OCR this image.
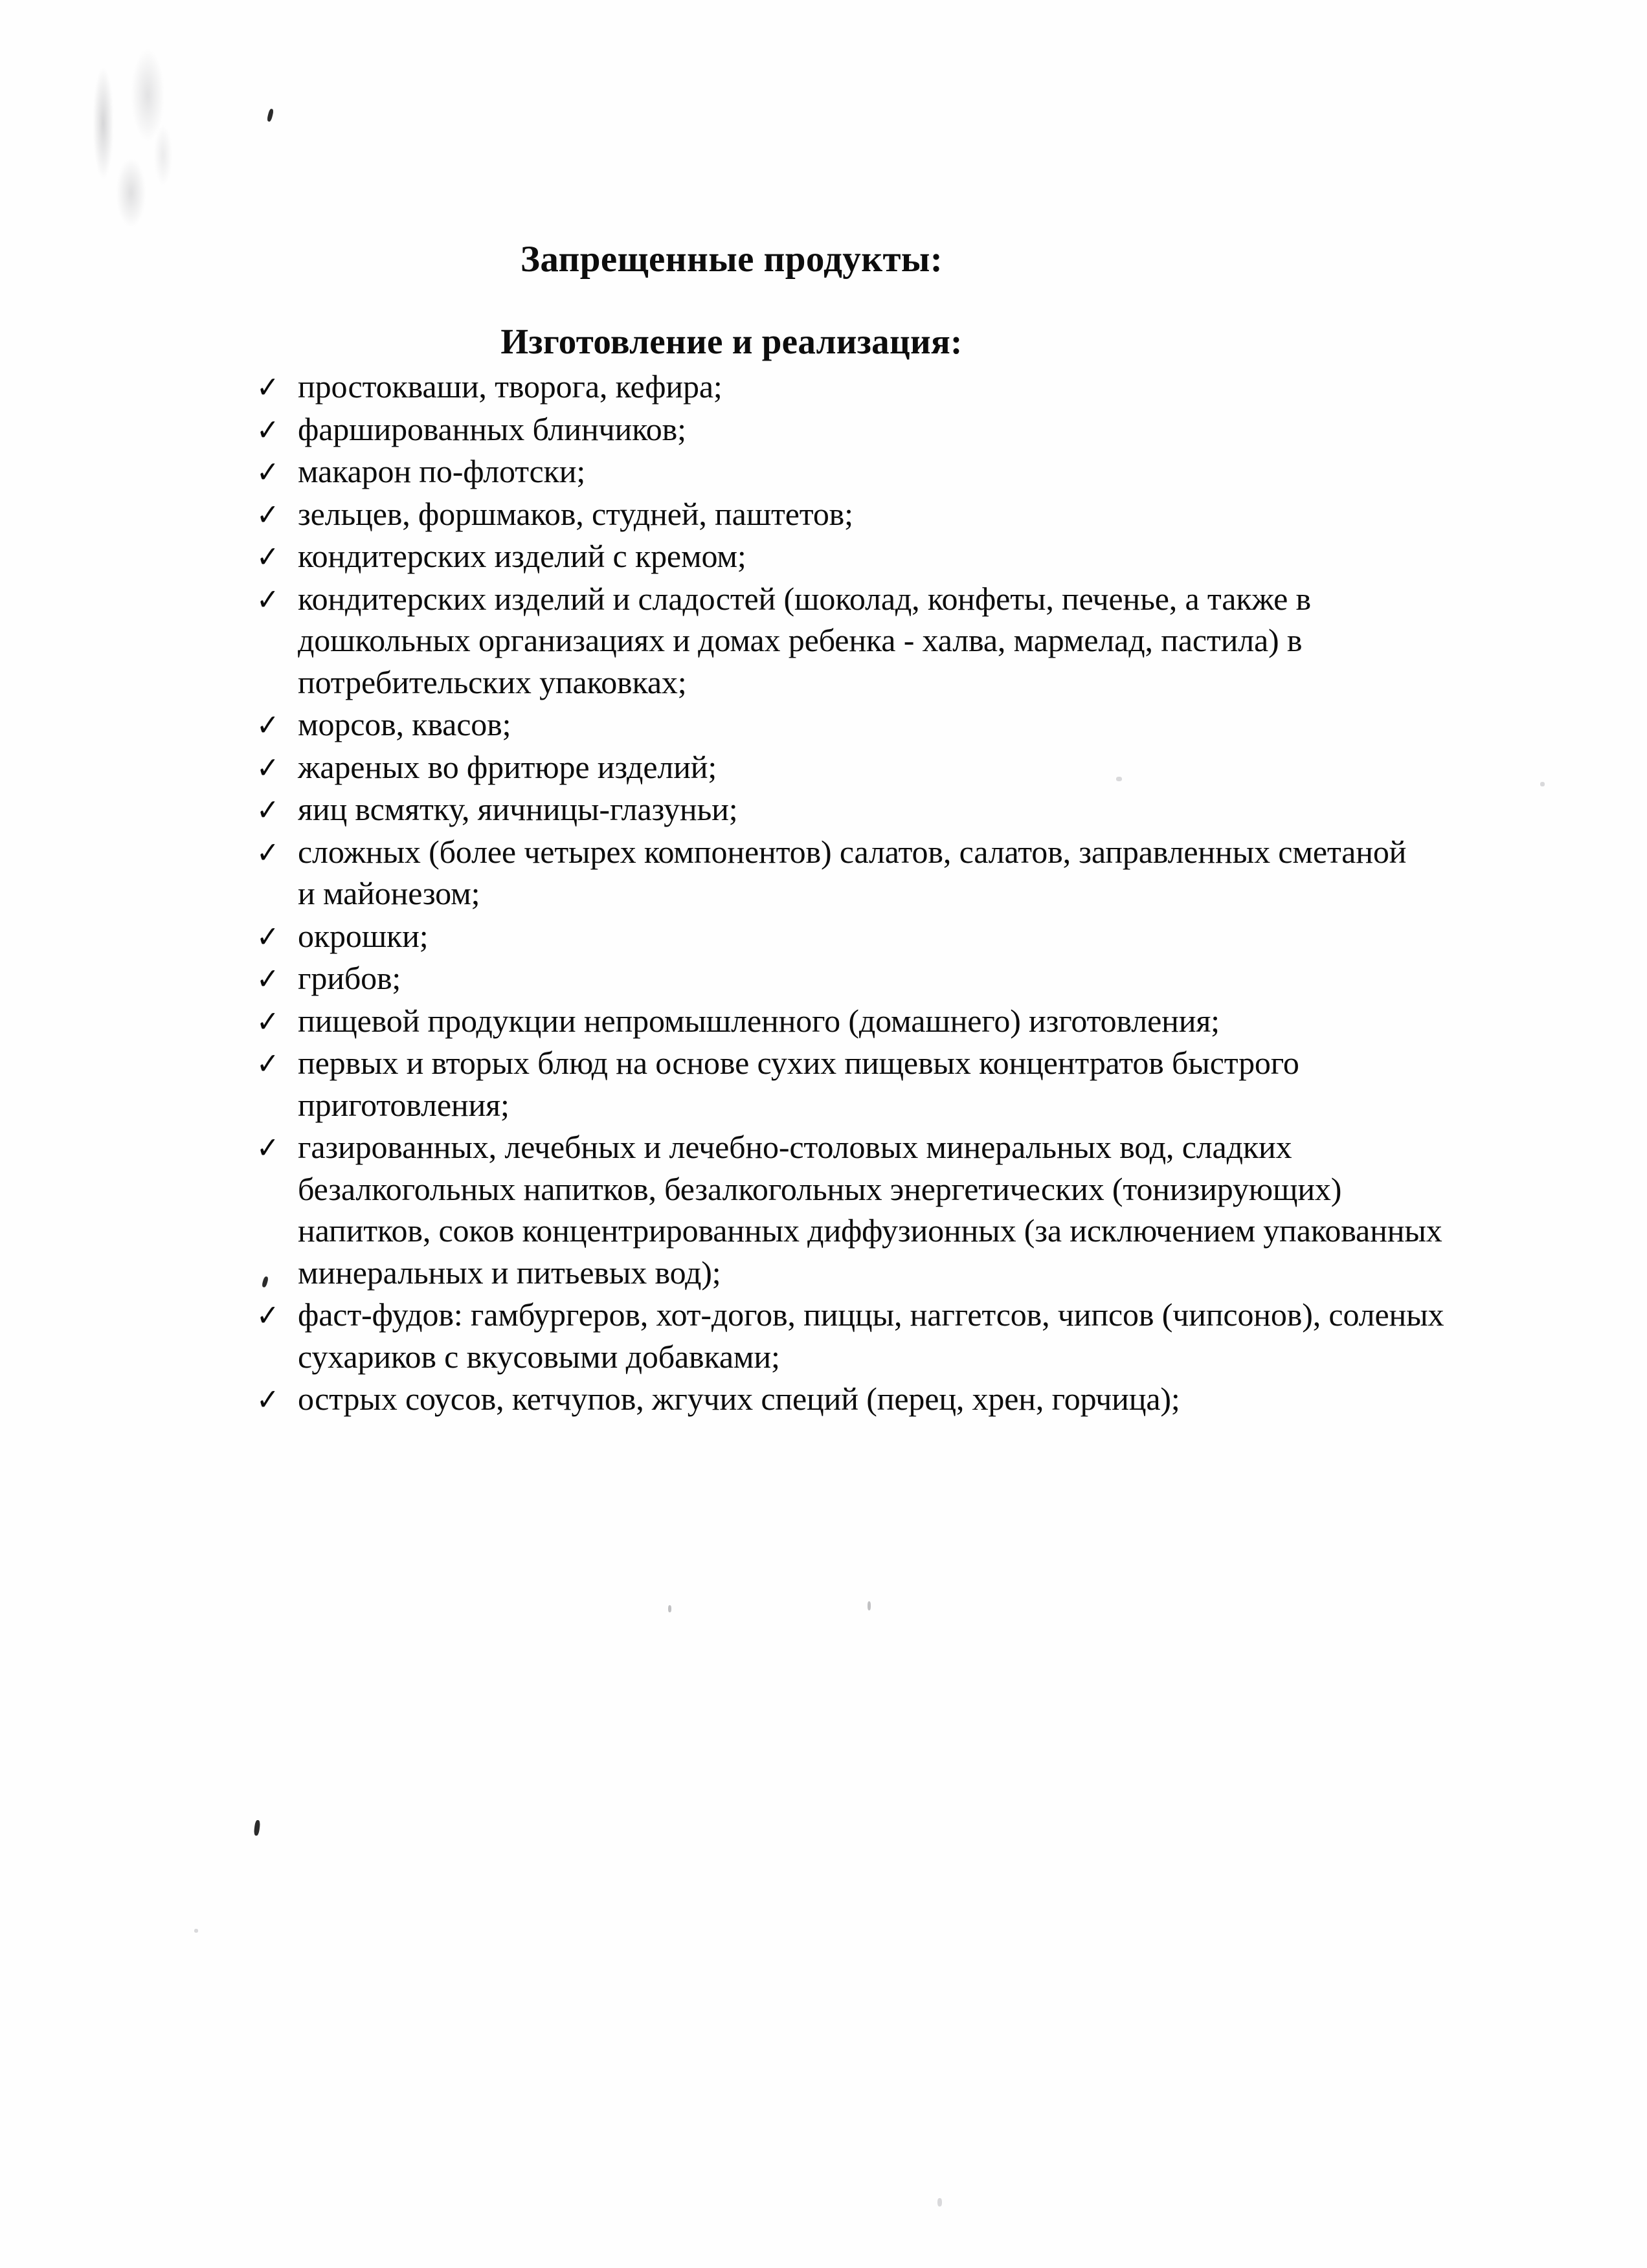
Запрещенные продукты:
Изготовление и реализация:
✓ простокваши, творога, кефира;
✓ фаршированных блинчиков;
✓ макарон по-флотски;
✓ зельцев, форшмаков, студней, паштетов;
✓ кондитерских изделий с кремом;
✓ кондитерских изделий и сладостей (шоколад, конфеты, печенье, а также в дошкольных организациях и домах ребенка - халва, мармелад, пастила) в потребительских упаковках;
✓ морсов, квасов;
✓ жареных во фритюре изделий;
✓ яиц всмятку, яичницы-глазуньи;
✓ сложных (более четырех компонентов) салатов, салатов, заправленных сметаной и майонезом;
✓ окрошки;
✓ грибов;
✓ пищевой продукции непромышленного (домашнего) изготовления;
✓ первых и вторых блюд на основе сухих пищевых концентратов быстрого приготовления;
✓ газированных, лечебных и лечебно-столовых минеральных вод, сладких безалкогольных напитков, безалкогольных энергетических (тонизирующих) напитков, соков концентрированных диффузионных (за исключением упакованных минеральных и питьевых вод);
✓ фаст-фудов: гамбургеров, хот-догов, пиццы, наггетсов, чипсов (чипсонов), соленых сухариков с вкусовыми добавками;
✓ острых соусов, кетчупов, жгучих специй (перец, хрен, горчица);
